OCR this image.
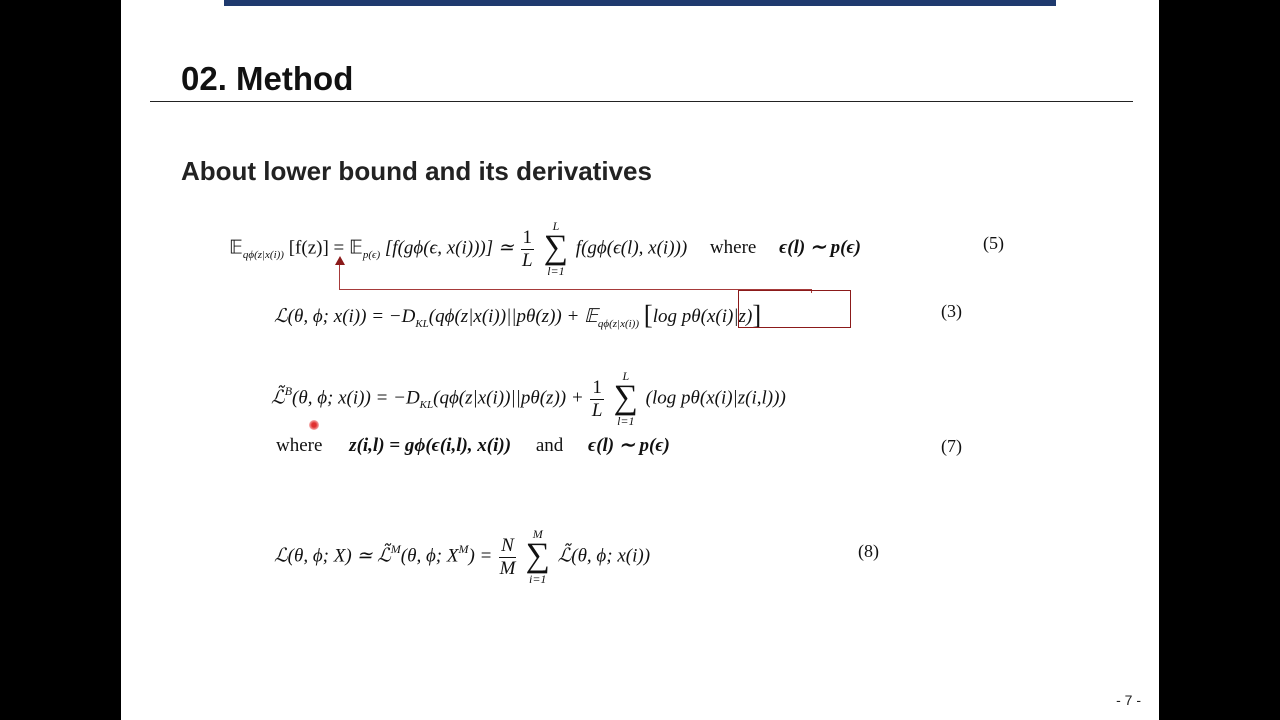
02. Method
About lower bound and its derivatives
𝔼$_{q\phi(z|x(i))}$ [f(z)] = 𝔼$_{p(\epsilon)}$ [f(gϕ(ϵ, x(i)))] ≃ $\frac{1}{L}$

L
∑
l=1
f(gϕ(ϵ(l), x(i))) where ϵ(l) ∼ p(ϵ)	(5)
ℒ(θ, ϕ; $x(i)) = -D_{KL}(q\phi(z|x(i))||p\theta(z))$ + 𝔼$_{q\phi(z|x(i))}$ [log pθ(x(i)|z)]	(3)
ℒ̃$^B$(θ, ϕ; $x(i)) = -D_{KL}(q\phi(z|x(i))||p\theta(z)) + \frac{1}{L}$

L
∑
l=1
(log pθ(x(i)|z(i,l)))
where z(i,l) = gϕ(ϵ(i,l), x(i)) and ϵ(l) ∼ p(ϵ)	(7)
ℒ(θ, ϕ; X) ≃ ℒ̃$^M$(θ, ϕ; $X^M) = \frac{N}{M}$

M
∑
i=1
ℒ̃(θ, ϕ; x(i))	(8)
- 7 -
